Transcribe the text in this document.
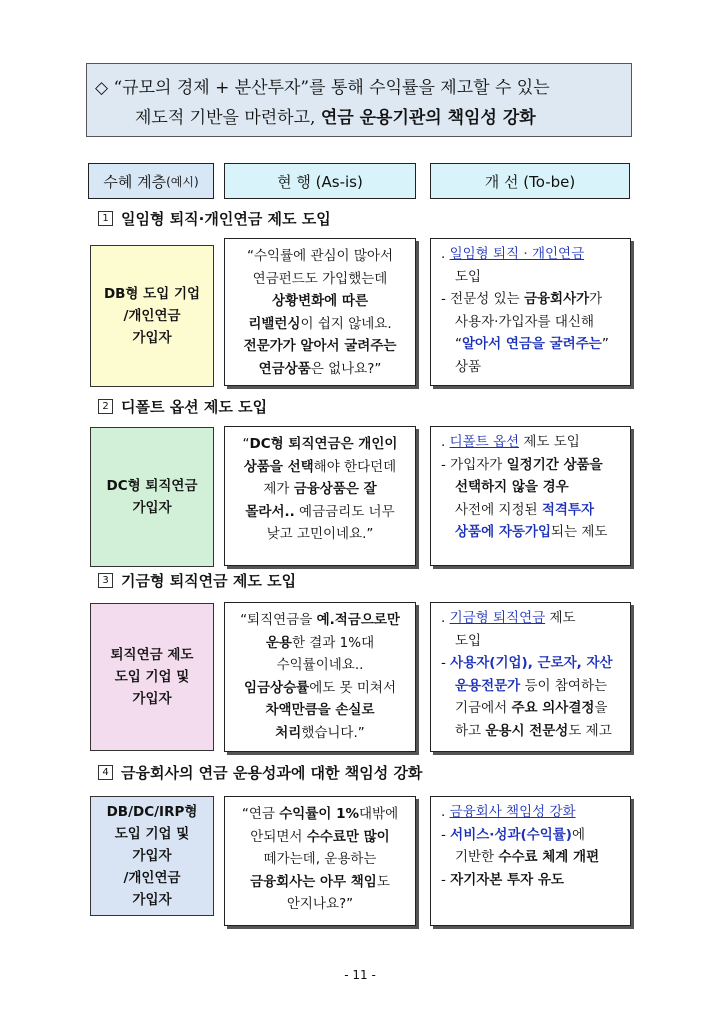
◇ “규모의 경제 + 분산투자”를 통해 수익률을 제고할 수 있는
제도적 기반을 마련하고, 연금 운용기관의 책임성 강화
수혜 계층 (예시)	현 행 (As-is)	개 선 (To-be)
1 일임형 퇴직·개인연금 제도 도입
DB형 도입 기업
/개인연금
가입자
“수익률에 관심이 많아서
연금펀드도 가입했는데
상황변화에 따른
리밸런싱이 쉽지 않네요.
전문가가 알아서 굴려주는
연금상품은 없나요?”
. 일임형 퇴직 · 개인연금
도입
- 전문성 있는 금융회사가가
사용자·가입자를 대신해
“알아서 연금을 굴려주는”
상품
2 디폴트 옵션 제도 도입
DC형 퇴직연금
가입자
“DC형 퇴직연금은 개인이
상품을 선택해야 한다던데
제가 금융상품은 잘
몰라서.. 예금금리도 너무
낮고 고민이네요.”
. 디폴트 옵션 제도 도입
- 가입자가 일정기간 상품을
선택하지 않을 경우
사전에 지정된 적격투자
상품에 자동가입되는 제도
3 기금형 퇴직연금 제도 도입
퇴직연금 제도
도입 기업 및
가입자
“퇴직연금을 예.적금으로만
운용한 결과 1%대
수익률이네요..
임금상승률에도 못 미쳐서
차액만큼을 손실로
처리했습니다.”
. 기금형 퇴직연금 제도
도입
- 사용자(기업), 근로자, 자산
운용전문가 등이 참여하는
기금에서 주요 의사결정을
하고 운용시 전문성도 제고
4 금융회사의 연금 운용성과에 대한 책임성 강화
DB/DC/IRP형
도입 기업 및
가입자
/개인연금
가입자
“연금 수익률이 1%대밖에
안되면서 수수료만 많이
떼가는데, 운용하는
금융회사는 아무 책임도
안지나요?”
. 금융회사 책임성 강화
- 서비스·성과(수익률)에
기반한 수수료 체계 개편
- 자기자본 투자 유도
- 11 -
